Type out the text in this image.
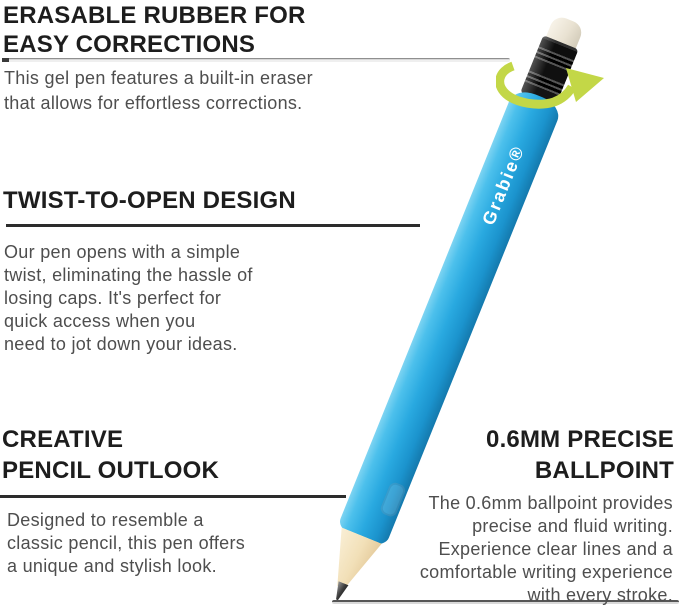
ERASABLE RUBBER FOR
EASY CORRECTIONS
This gel pen features a built-in eraser
that allows for effortless corrections.
TWIST-TO-OPEN DESIGN
Our pen opens with a simple
twist, eliminating the hassle of
losing caps. It's perfect for
quick access when you
need to jot down your ideas.
CREATIVE
PENCIL OUTLOOK
Designed to resemble a
classic pencil, this pen offers
a unique and stylish look.
0.6MM PRECISE
BALLPOINT
The 0.6mm ballpoint provides
precise and fluid writing.
Experience clear lines and a
comfortable writing experience
with every stroke.
Grabie®
